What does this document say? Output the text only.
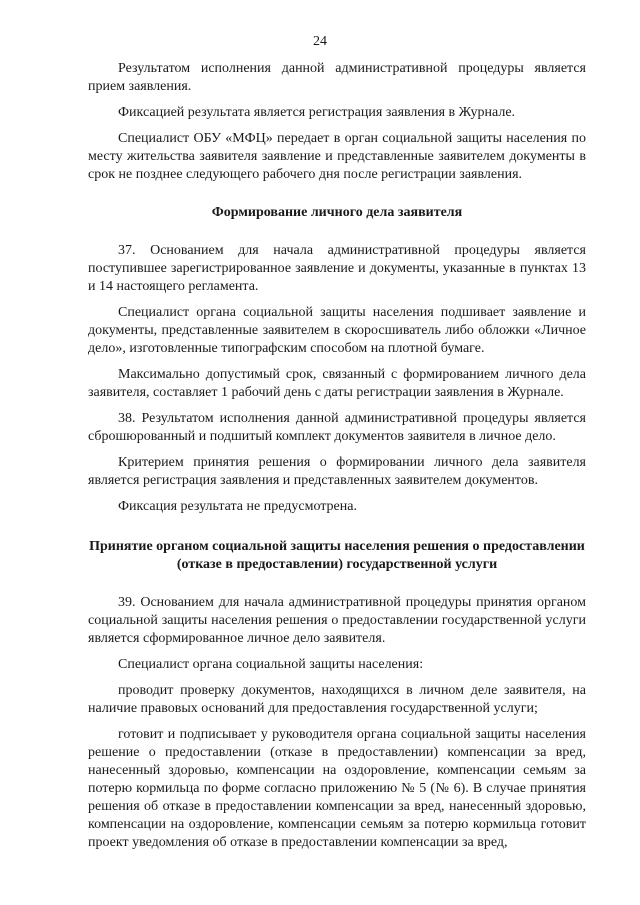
24

Результатом исполнения данной административной процедуры является прием заявления.

Фиксацией результата является регистрация заявления в Журнале.

Специалист ОБУ «МФЦ» передает в орган социальной защиты населения по месту жительства заявителя заявление и представленные заявителем документы в срок не позднее следующего рабочего дня после регистрации заявления.

Формирование личного дела заявителя

37. Основанием для начала административной процедуры является поступившее зарегистрированное заявление и документы, указанные в пунктах 13 и 14 настоящего регламента.

Специалист органа социальной защиты населения подшивает заявление и документы, представленные заявителем в скоросшиватель либо обложки «Личное дело», изготовленные типографским способом на плотной бумаге.

Максимально допустимый срок, связанный с формированием личного дела заявителя, составляет 1 рабочий день с даты регистрации заявления в Журнале.

38. Результатом исполнения данной административной процедуры является сброшюрованный и подшитый комплект документов заявителя в личное дело.

Критерием принятия решения о формировании личного дела заявителя является регистрация заявления и представленных заявителем документов.

Фиксация результата не предусмотрена.

Принятие органом социальной защиты населения решения о предоставлении (отказе в предоставлении) государственной услуги

39. Основанием для начала административной процедуры принятия органом социальной защиты населения решения о предоставлении государственной услуги является сформированное личное дело заявителя.

Специалист органа социальной защиты населения:

проводит проверку документов, находящихся в личном деле заявителя, на наличие правовых оснований для предоставления государственной услуги;

готовит и подписывает у руководителя органа социальной защиты населения решение о предоставлении (отказе в предоставлении) компенсации за вред, нанесенный здоровью, компенсации на оздоровление, компенсации семьям за потерю кормильца по форме согласно приложению № 5 (№ 6). В случае принятия решения об отказе в предоставлении компенсации за вред, нанесенный здоровью, компенсации на оздоровление, компенсации семьям за потерю кормильца готовит проект уведомления об отказе в предоставлении компенсации за вред,
